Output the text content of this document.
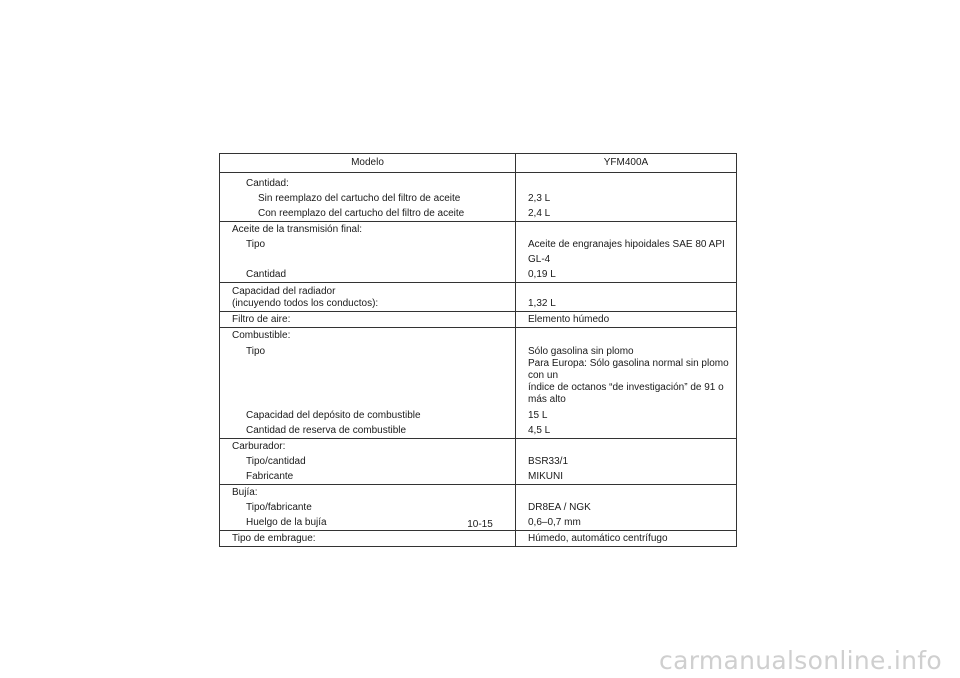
Modelo	YFM400A
Cantidad:	
Sin reemplazo del cartucho del filtro de aceite	2,3 L
Con reemplazo del cartucho del filtro de aceite	2,4 L
Aceite de la transmisión final:	
Tipo	Aceite de engranajes hipoidales SAE 80 API GL-4
Cantidad	0,19 L

Capacidad del radiador
(incuyendo todos los conductos):	1,32 L

Filtro de aire:	Elemento húmedo
Combustible:	
Tipo	Sólo gasolina sin plomo
Para Europa: Sólo gasolina normal sin plomo con un
índice de octanos “de investigación” de 91 o más alto

Capacidad del depósito de combustible	15 L
Cantidad de reserva de combustible	4,5 L
Carburador:	
Tipo/cantidad	BSR33/1
Fabricante	MIKUNI
Bujía:	
Tipo/fabricante	DR8EA / NGK
Huelgo de la bujía	0,6–0,7 mm
Tipo de embrague:	Húmedo, automático centrífugo
10-15
carmanualsonline.info
